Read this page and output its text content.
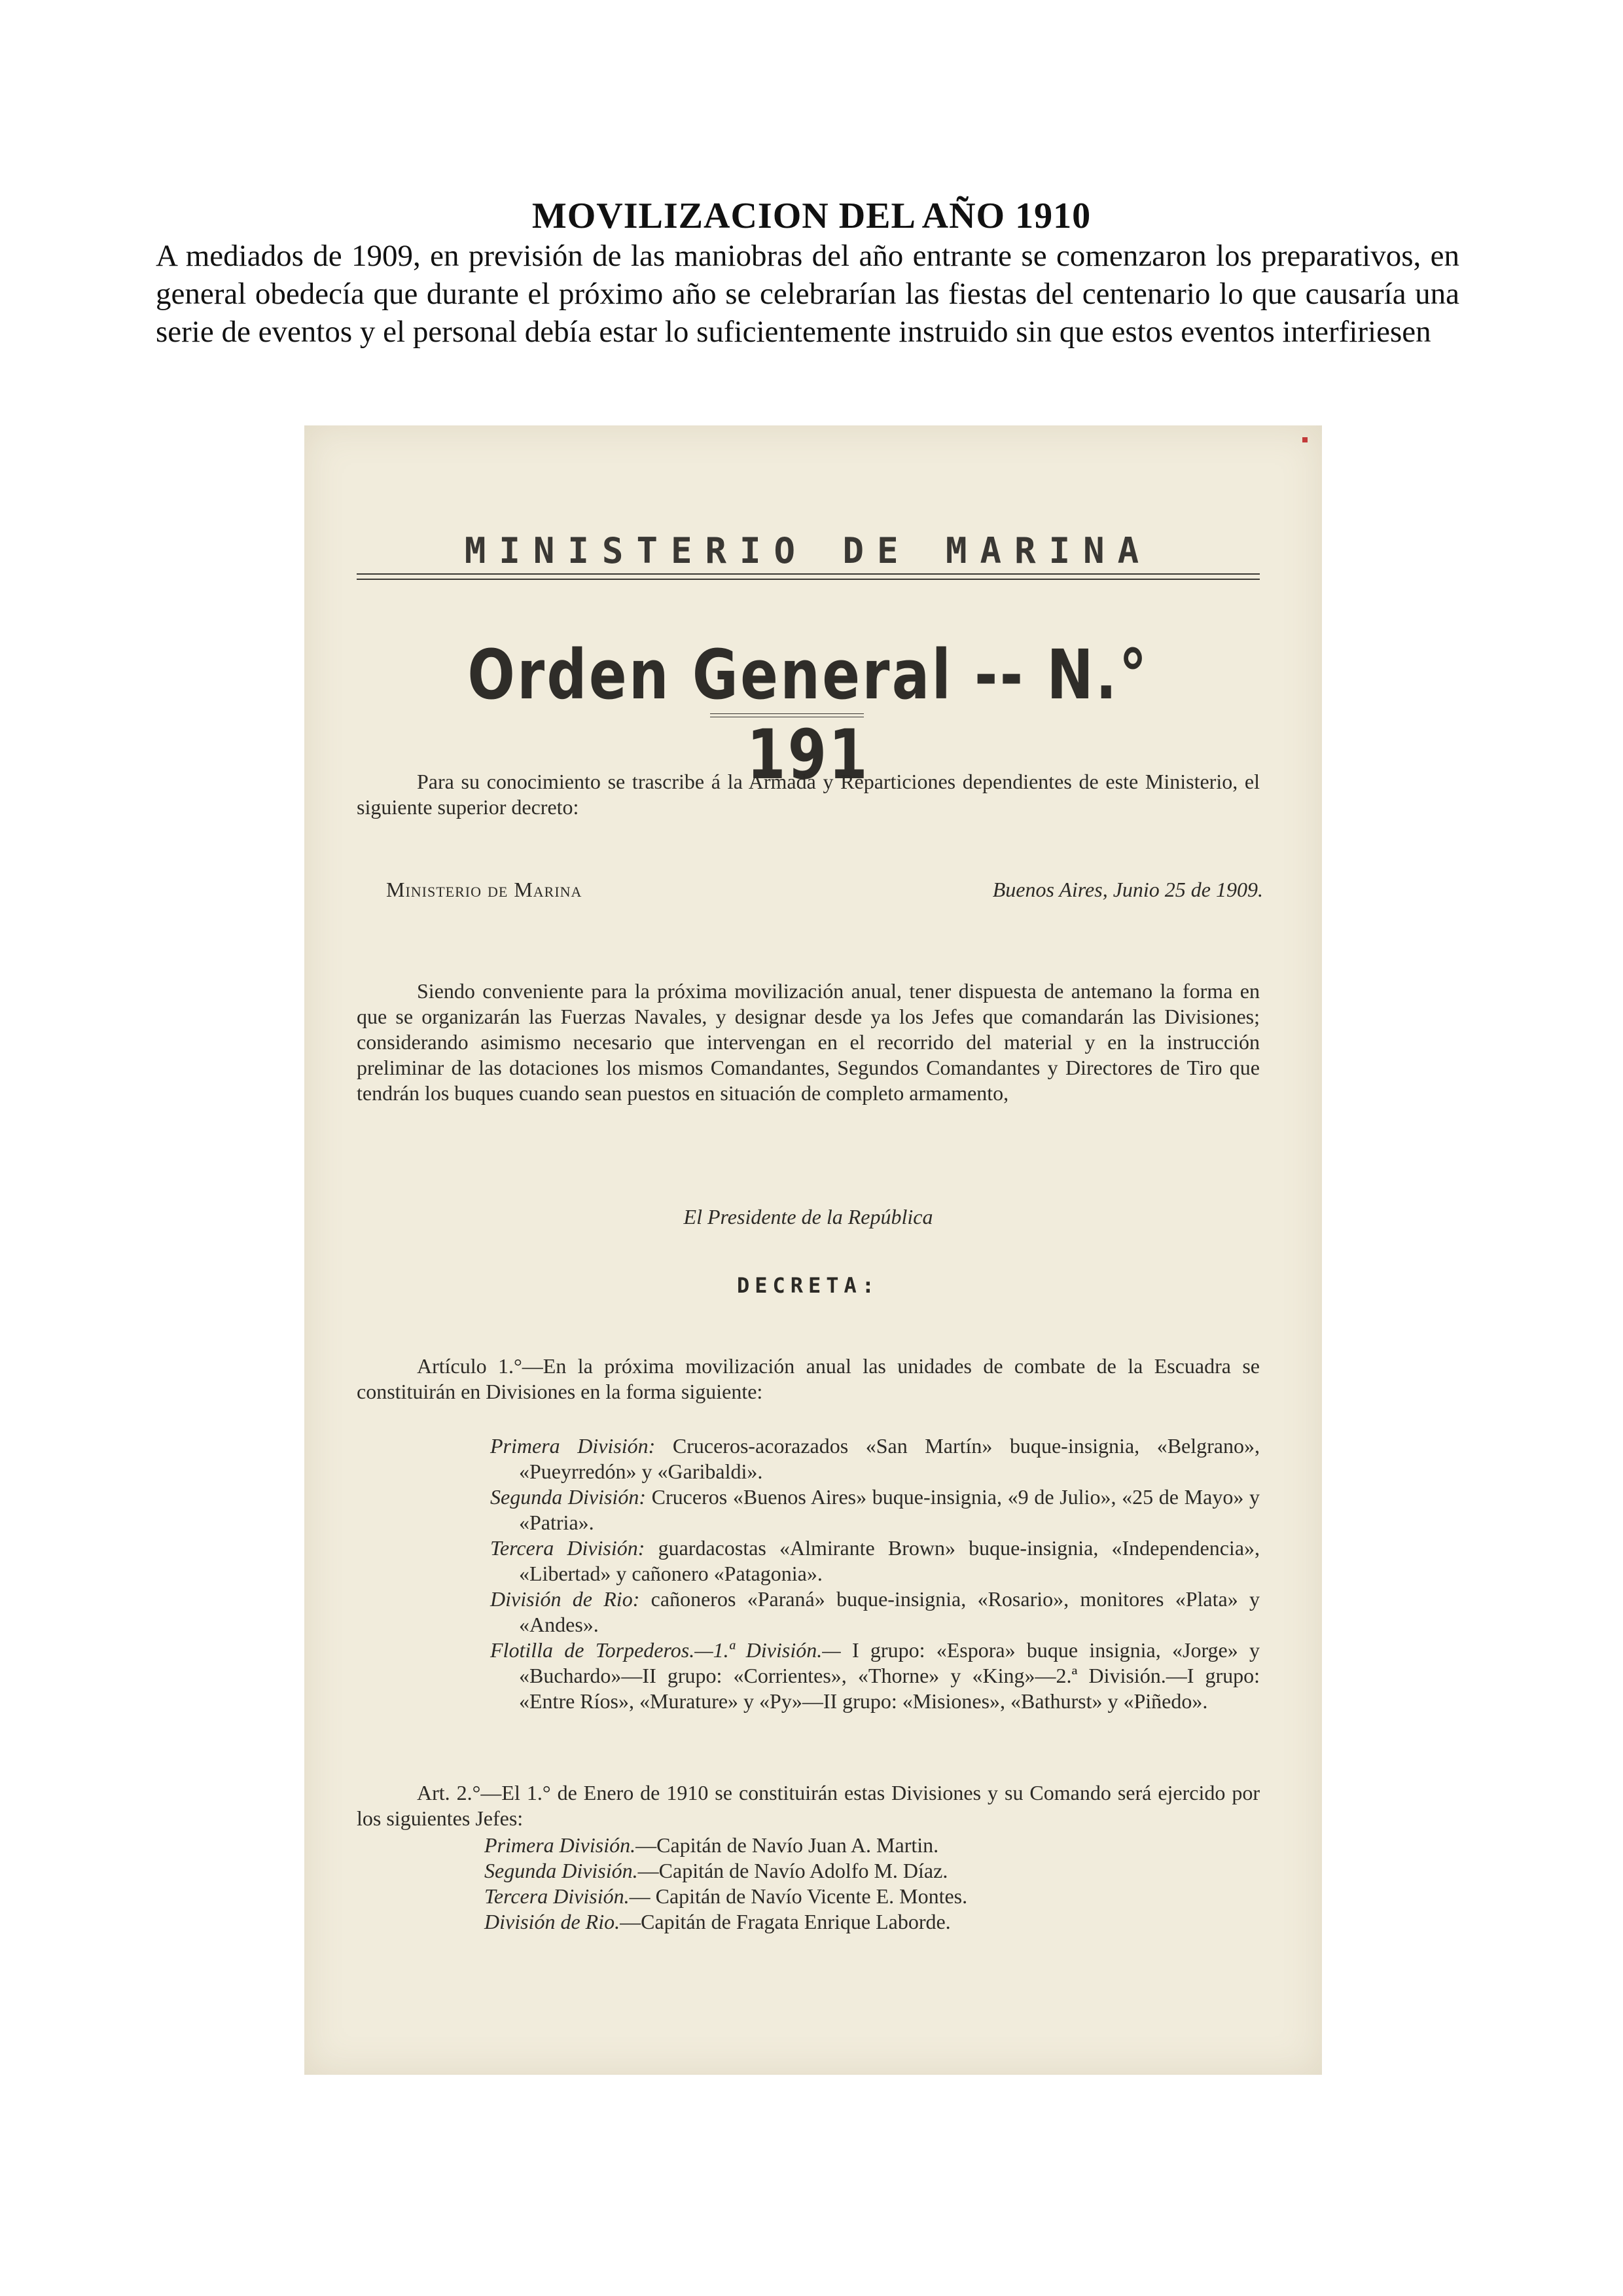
MOVILIZACION DEL AÑO 1910
A mediados de 1909, en previsión de las maniobras del año entrante se comenzaron los preparativos, en general obedecía que durante el próximo año se celebrarían las fiestas del centenario lo que causaría una serie de eventos y el personal debía estar lo suficientemente instruido sin que estos eventos interfiriesen
MINISTERIO DE MARINA
Orden General -- N.° 191
Para su conocimiento se trascribe á la Armada y Reparticiones dependientes de este Ministerio, el siguiente superior decreto:
Ministerio de Marina	Buenos Aires, Junio 25 de 1909.
Siendo conveniente para la próxima movilización anual, tener dispuesta de antemano la forma en que se organizarán las Fuerzas Navales, y designar desde ya los Jefes que comandarán las Divisiones; considerando asimismo necesario que intervengan en el recorrido del material y en la instrucción preliminar de las dotaciones los mismos Comandantes, Segundos Comandantes y Directores de Tiro que tendrán los buques cuando sean puestos en situación de completo armamento,
El Presidente de la República
DECRETA:
Artículo 1.°—En la próxima movilización anual las unidades de combate de la Escuadra se constituirán en Divisiones en la forma siguiente:
Primera División: Cruceros-acorazados «San Martín» buque-insignia, «Belgrano», «Pueyrredón» y «Garibaldi».
Segunda División: Cruceros «Buenos Aires» buque-insignia, «9 de Julio», «25 de Mayo» y «Patria».
Tercera División: guardacostas «Almirante Brown» buque-insignia, «Independencia», «Libertad» y cañonero «Patagonia».
División de Rio: cañoneros «Paraná» buque-insignia, «Rosario», monitores «Plata» y «Andes».
Flotilla de Torpederos.—1.ª División.— I grupo: «Espora» buque insignia, «Jorge» y «Buchardo»—II grupo: «Corrientes», «Thorne» y «King»—2.ª División.—I grupo: «Entre Ríos», «Murature» y «Py»—II grupo: «Misiones», «Bathurst» y «Piñedo».
Art. 2.°—El 1.° de Enero de 1910 se constituirán estas Divisiones y su Comando será ejercido por los siguientes Jefes:
Primera División.—Capitán de Navío Juan A. Martin.
Segunda División.—Capitán de Navío Adolfo M. Díaz.
Tercera División.— Capitán de Navío Vicente E. Montes.
División de Rio.—Capitán de Fragata Enrique Laborde.
